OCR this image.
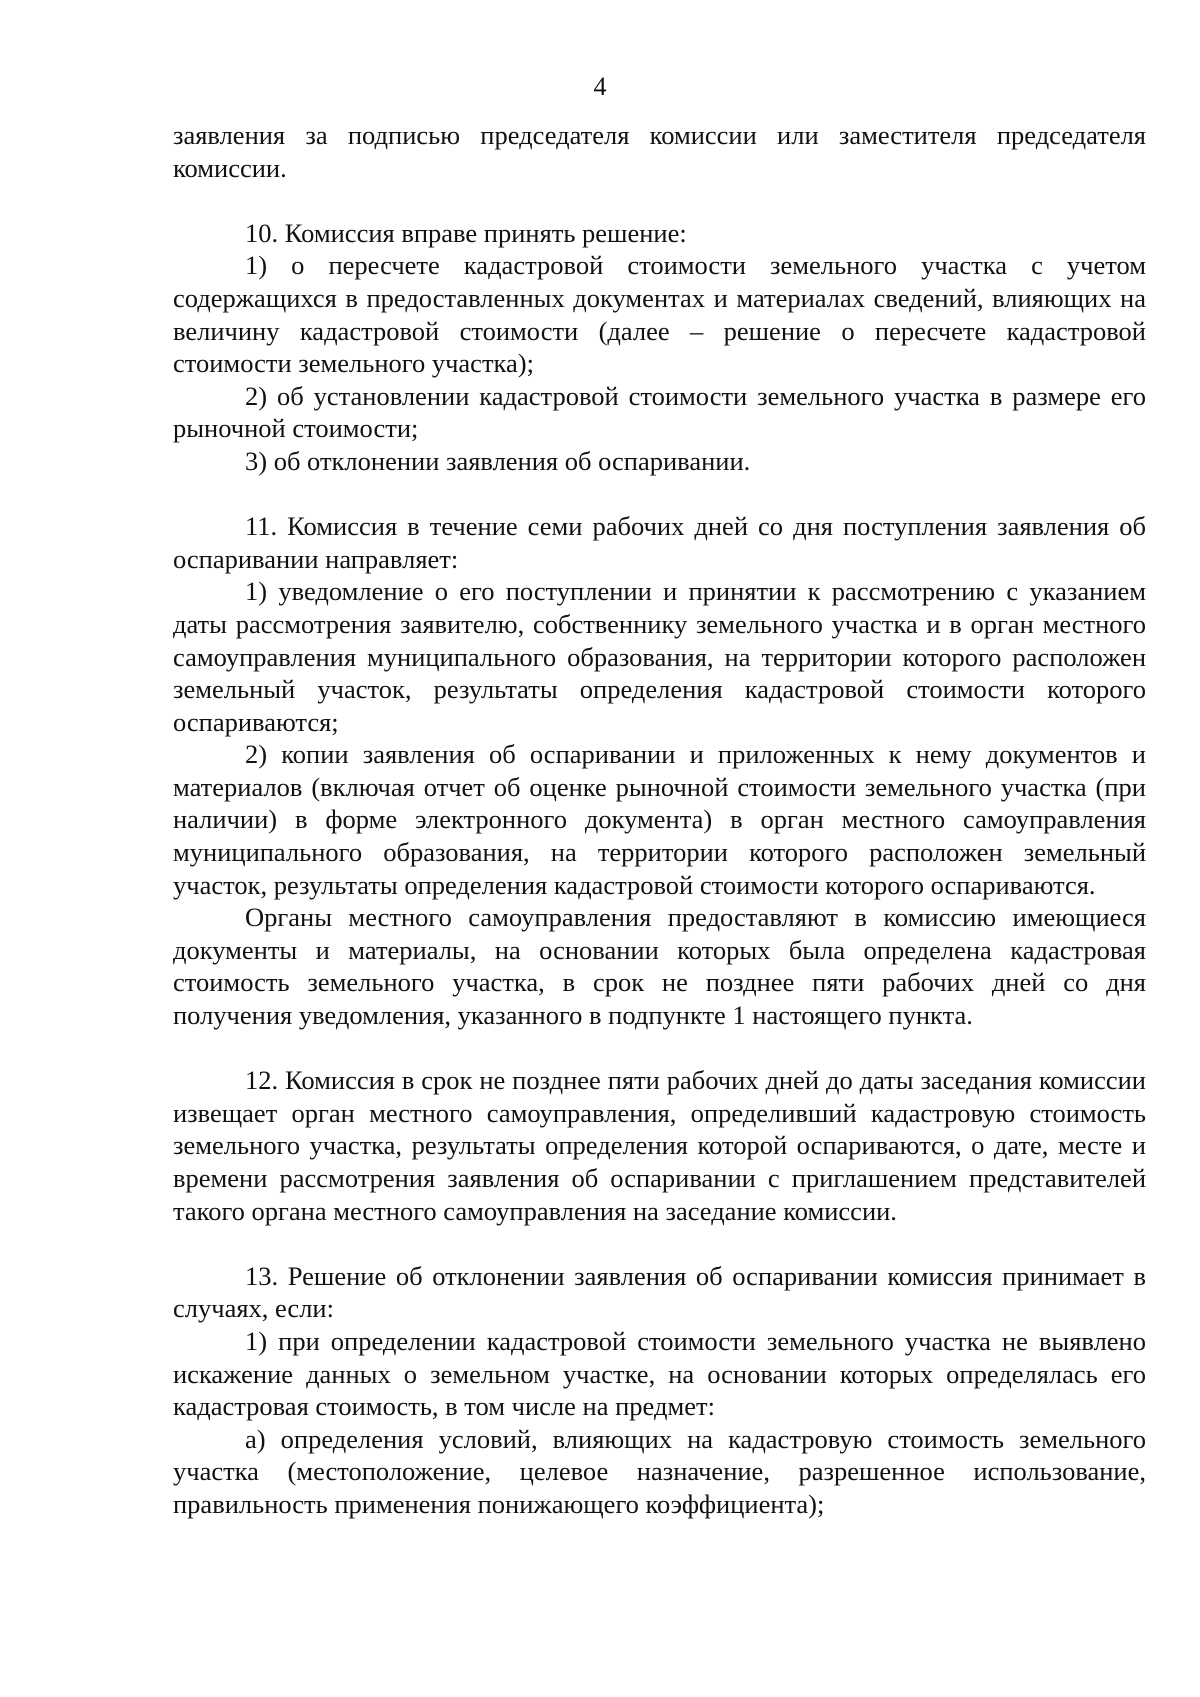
4

заявления за подписью председателя комиссии или заместителя председателя комиссии.

10. Комиссия вправе принять решение:

1) о пересчете кадастровой стоимости земельного участка с учетом содержащихся в предоставленных документах и материалах сведений, влияющих на величину кадастровой стоимости (далее – решение о пересчете кадастровой стоимости земельного участка);

2) об установлении кадастровой стоимости земельного участка в размере его рыночной стоимости;

3) об отклонении заявления об оспаривании.

11. Комиссия в течение семи рабочих дней со дня поступления заявления об оспаривании направляет:

1) уведомление о его поступлении и принятии к рассмотрению с указанием даты рассмотрения заявителю, собственнику земельного участка и в орган местного самоуправления муниципального образования, на территории которого расположен земельный участок, результаты определения кадастровой стоимости которого оспариваются;

2) копии заявления об оспаривании и приложенных к нему документов и материалов (включая отчет об оценке рыночной стоимости земельного участка (при наличии) в форме электронного документа) в орган местного самоуправления муниципального образования, на территории которого расположен земельный участок, результаты определения кадастровой стоимости которого оспариваются.

Органы местного самоуправления предоставляют в комиссию имеющиеся документы и материалы, на основании которых была определена кадастровая стоимость земельного участка, в срок не позднее пяти рабочих дней со дня получения уведомления, указанного в подпункте 1 настоящего пункта.

12. Комиссия в срок не позднее пяти рабочих дней до даты заседания комиссии извещает орган местного самоуправления, определивший кадастровую стоимость земельного участка, результаты определения которой оспариваются, о дате, месте и времени рассмотрения заявления об оспаривании с приглашением представителей такого органа местного самоуправления на заседание комиссии.

13. Решение об отклонении заявления об оспаривании комиссия принимает в случаях, если:

1) при определении кадастровой стоимости земельного участка не выявлено искажение данных о земельном участке, на основании которых определялась его кадастровая стоимость, в том числе на предмет:

а) определения условий, влияющих на кадастровую стоимость земельного участка (местоположение, целевое назначение, разрешенное использование, правильность применения понижающего коэффициента);
